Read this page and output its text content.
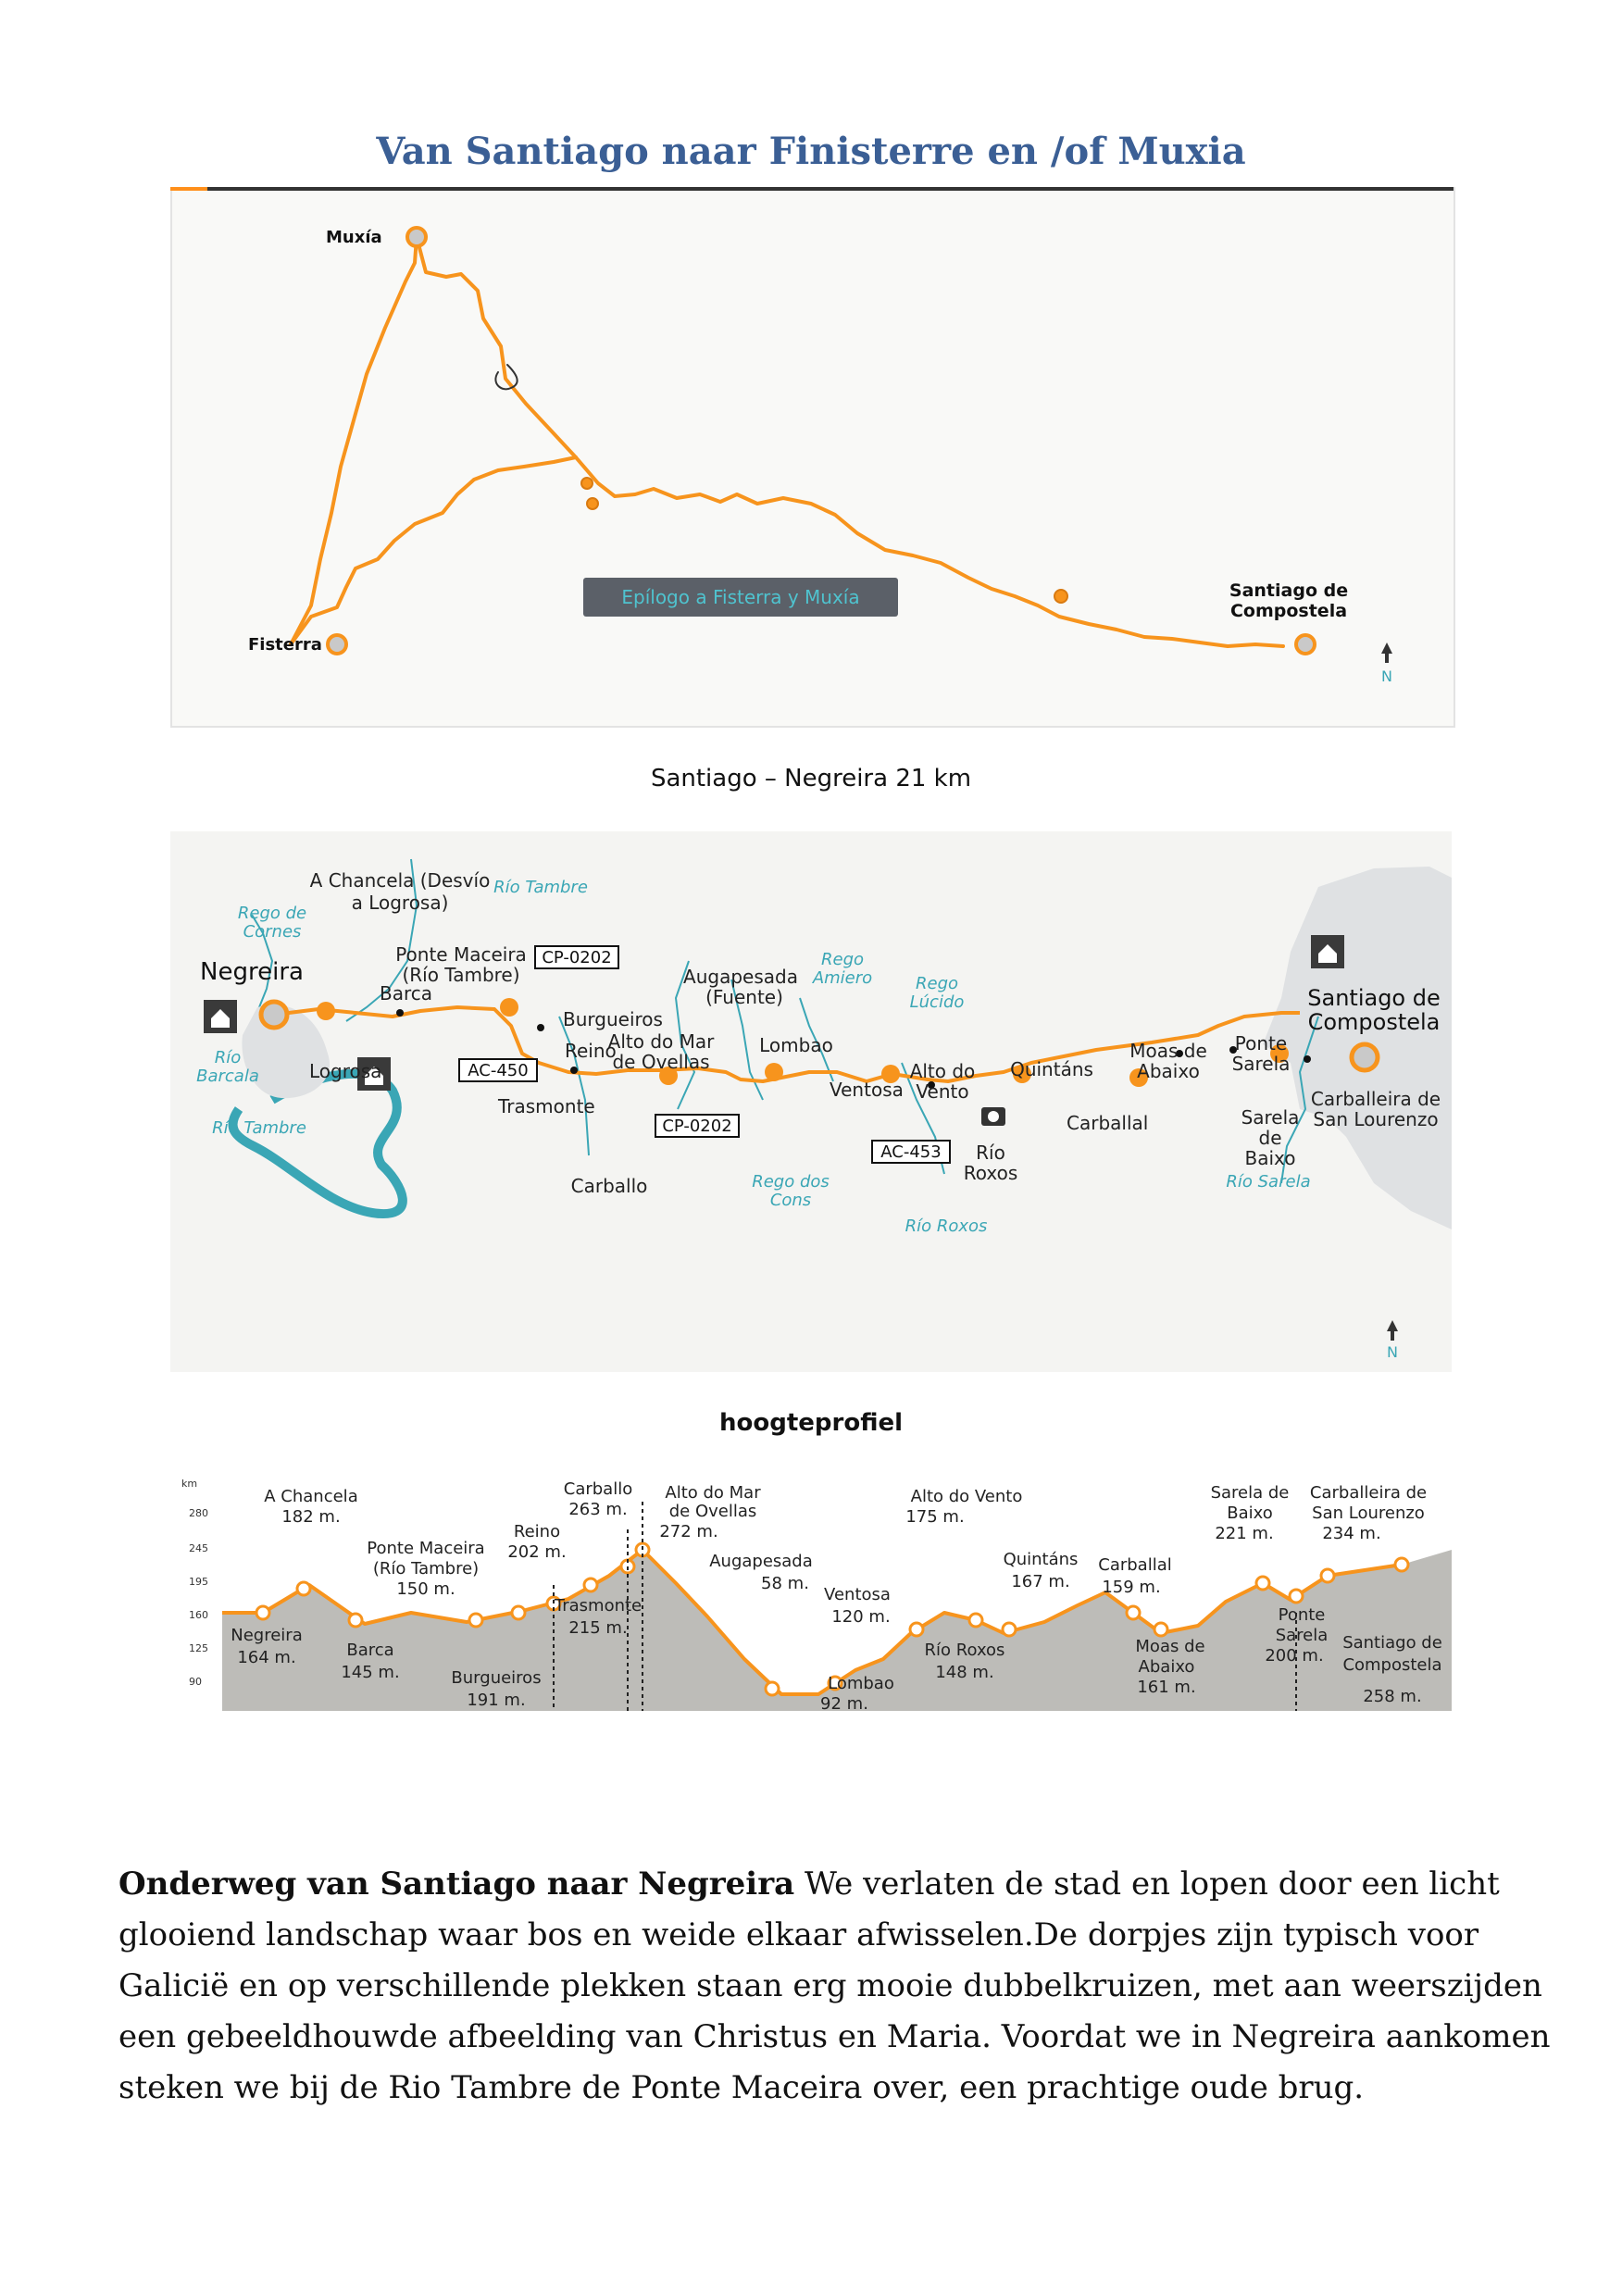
Van Santiago naar Finisterre en /of Muxia
Muxía
Fisterra
Santiago de
Compostela
N
Epílogo a Fisterra y Muxía
Santiago – Negreira 21 km
N
A Chancela (Desvío
a Logrosa)
Negreira
Ponte Maceira
(Río Tambre)
Barca
Burgueiros
Reino
Trasmonte
Logrosa
Augapesada
(Fuente)
Alto do Mar
de Ovellas
Lombao
Ventosa
Alto do
Vento
Quintáns
Moas de
Abaixo
Carballal
Ponte
Sarela
Santiago de
Compostela
Carballeira de
San Lourenzo
Sarela
de
Baixo
Río
Roxos
Carballo
Río Tambre
Rego de
Cornes
Río
Barcala
Río Tambre
Rego
Amiero	Rego
Lúcido
Rego dos
Cons
Río Roxos
Río Sarela
CP-0202
AC-450
CP-0202
AC-453
hoogteprofiel
km
280
245
195
160
125
90
A Chancela
182 m.
Negreira
164 m.	Barca
145 m.
Ponte Maceira
(Río Tambre)
150 m.
Burgueiros
191 m.
Reino
202 m.
Carballo
263 m.
Trasmonte
215 m.
Alto do Mar
de Ovellas
272 m.
Augapesada
58 m.
Lombao
92 m.
Ventosa
120 m.
Alto do Vento
175 m.
Río Roxos
148 m.
Quintáns
167 m.
Carballal
159 m.
Moas de
Abaixo
161 m.
Sarela de
Baixo
221 m.
Ponte
Sarela
200 m.
Carballeira de
San Lourenzo
234 m.
Santiago de
Compostela
258 m.
Onderweg van Santiago naar Negreira We verlaten de stad en lopen door een licht glooiend landschap waar bos en weide elkaar afwisselen.De dorpjes zijn typisch voor Galicië en op verschillende plekken staan erg mooie dubbelkruizen, met aan weerszijden een gebeeldhouwde afbeelding van Christus en Maria. Voordat we in Negreira aankomen steken we bij de Rio Tambre de Ponte Maceira over, een prachtige oude brug.
